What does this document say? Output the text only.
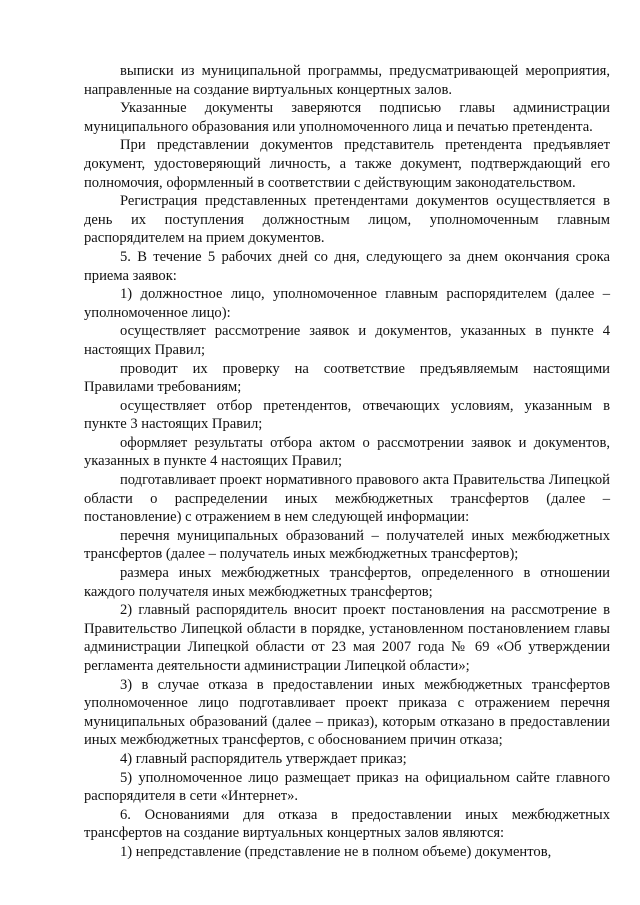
выписки из муниципальной программы, предусматривающей мероприятия, направленные на создание виртуальных концертных залов.

Указанные документы заверяются подписью главы администрации муниципального образования или уполномоченного лица и печатью претендента.

При представлении документов представитель претендента предъявляет документ, удостоверяющий личность, а также документ, подтверждающий его полномочия, оформленный в соответствии с действующим законодательством.

Регистрация представленных претендентами документов осуществляется в день их поступления должностным лицом, уполномоченным главным распорядителем на прием документов.

5. В течение 5 рабочих дней со дня, следующего за днем окончания срока приема заявок:

1) должностное лицо, уполномоченное главным распорядителем (далее – уполномоченное лицо):

осуществляет рассмотрение заявок и документов, указанных в пункте 4 настоящих Правил;

проводит их проверку на соответствие предъявляемым настоящими Правилами требованиям;

осуществляет отбор претендентов, отвечающих условиям, указанным в пункте 3 настоящих Правил;

оформляет результаты отбора актом о рассмотрении заявок и документов, указанных в пункте 4 настоящих Правил;

подготавливает проект нормативного правового акта Правительства Липецкой области о распределении иных межбюджетных трансфертов (далее – постановление) с отражением в нем следующей информации:

перечня муниципальных образований – получателей иных межбюджетных трансфертов (далее – получатель иных межбюджетных трансфертов);

размера иных межбюджетных трансфертов, определенного в отношении каждого получателя иных межбюджетных трансфертов;

2) главный распорядитель вносит проект постановления на рассмотрение в Правительство Липецкой области в порядке, установленном постановлением главы администрации Липецкой области от 23 мая 2007 года № 69 «Об утверждении регламента деятельности администрации Липецкой области»;

3) в случае отказа в предоставлении иных межбюджетных трансфертов уполномоченное лицо подготавливает проект приказа с отражением перечня муниципальных образований (далее – приказ), которым отказано в предоставлении иных межбюджетных трансфертов, с обоснованием причин отказа;

4) главный распорядитель утверждает приказ;

5) уполномоченное лицо размещает приказ на официальном сайте главного распорядителя в сети «Интернет».

6. Основаниями для отказа в предоставлении иных межбюджетных трансфертов на создание виртуальных концертных залов являются:

1) непредставление (представление не в полном объеме) документов,
